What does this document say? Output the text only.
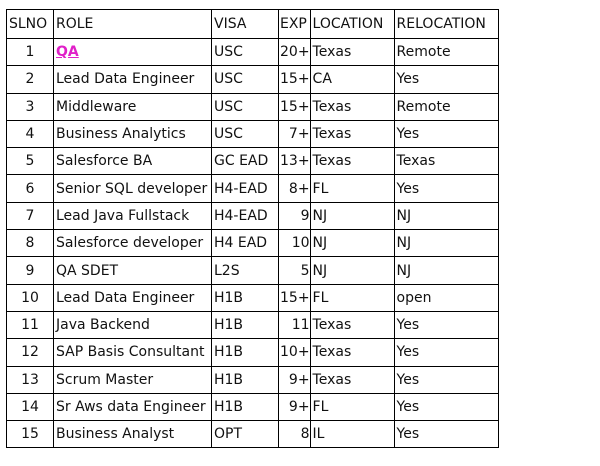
SLNO	ROLE	VISA	EXP	LOCATION	RELOCATION
1	QA	USC	20+	Texas	Remote
2	Lead Data Engineer	USC	15+	CA	Yes
3	Middleware	USC	15+	Texas	Remote
4	Business Analytics	USC	7+	Texas	Yes
5	Salesforce BA	GC EAD	13+	Texas	Texas
6	Senior SQL developer	H4-EAD	8+	FL	Yes
7	Lead Java Fullstack	H4-EAD	9	NJ	NJ
8	Salesforce developer	H4 EAD	10	NJ	NJ
9	QA SDET	L2S	5	NJ	NJ
10	Lead Data Engineer	H1B	15+	FL	open
11	Java Backend	H1B	11	Texas	Yes
12	SAP Basis Consultant	H1B	10+	Texas	Yes
13	Scrum Master	H1B	9+	Texas	Yes
14	Sr Aws data Engineer	H1B	9+	FL	Yes
15	Business Analyst	OPT	8	IL	Yes
